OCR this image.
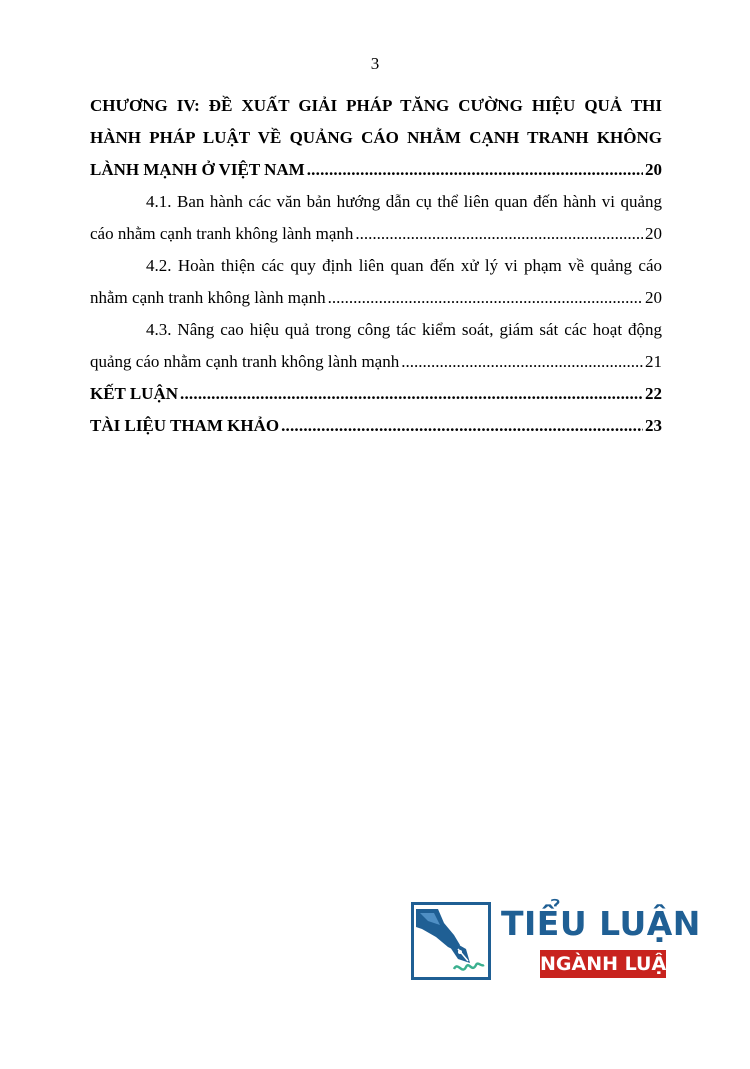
3
CHƯƠNG IV: ĐỀ XUẤT GIẢI PHÁP TĂNG CƯỜNG HIỆU QUẢ THI
HÀNH PHÁP LUẬT VỀ QUẢNG CÁO NHẰM CẠNH TRANH KHÔNG
LÀNH MẠNH Ở VIỆT NAM .....	20
4.1. Ban hành các văn bản hướng dẫn cụ thể liên quan đến hành vi quảng
cáo nhằm cạnh tranh không lành mạnh .....	20
4.2. Hoàn thiện các quy định liên quan đến xử lý vi phạm về quảng cáo
nhằm cạnh tranh không lành mạnh .....	20
4.3. Nâng cao hiệu quả trong công tác kiểm soát, giám sát các hoạt động
quảng cáo nhằm cạnh tranh không lành mạnh .....	21
KẾT LUẬN .....	22
TÀI LIỆU THAM KHẢO .....	23
TIỂU LUẬN
NGÀNH LUẬT
